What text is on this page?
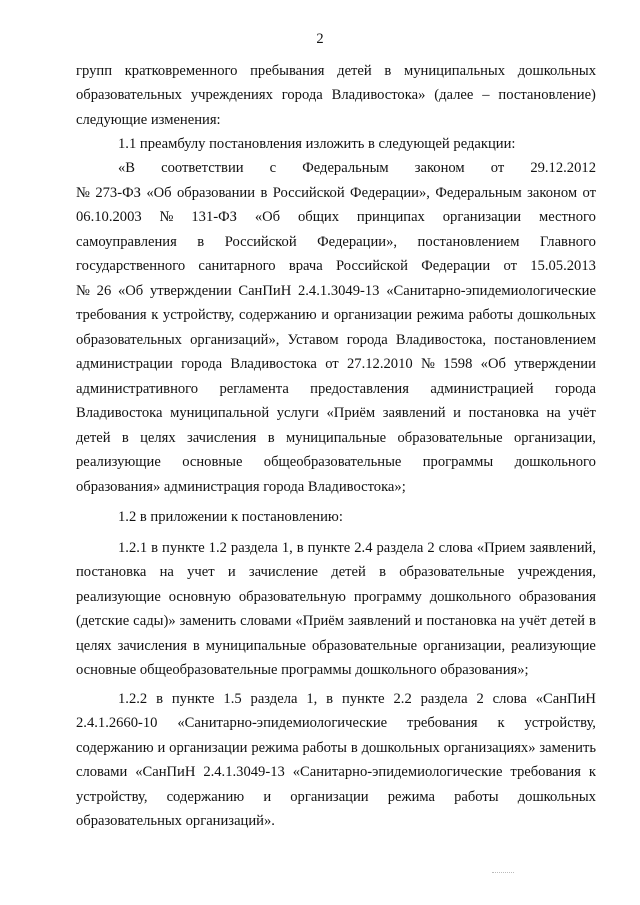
2
групп кратковременного пребывания детей в муниципальных дошкольных
образовательных учреждениях города Владивостока» (далее – постановление)
следующие изменения:
1.1 преамбулу постановления изложить в следующей редакции:
«В соответствии с Федеральным законом от 29.12.2012
№ 273-ФЗ «Об образовании в Российской Федерации», Федеральным законом от
06.10.2003 № 131-ФЗ «Об общих принципах организации местного
самоуправления в Российской Федерации», постановлением Главного
государственного санитарного врача Российской Федерации от 15.05.2013
№ 26 «Об утверждении СанПиН 2.4.1.3049-13 «Санитарно-эпидемиологические
требования к устройству, содержанию и организации режима работы дошкольных
образовательных организаций», Уставом города Владивостока, постановлением
администрации города Владивостока от 27.12.2010 № 1598 «Об утверждении
административного регламента предоставления администрацией города
Владивостока муниципальной услуги «Приём заявлений и постановка на учёт
детей в целях зачисления в муниципальные образовательные организации,
реализующие основные общеобразовательные программы дошкольного
образования» администрация города Владивостока»;
1.2 в приложении к постановлению:
1.2.1 в пункте 1.2 раздела 1, в пункте 2.4 раздела 2 слова «Прием заявлений,
постановка на учет и зачисление детей в образовательные учреждения,
реализующие основную образовательную программу дошкольного образования
(детские сады)» заменить словами «Приём заявлений и постановка на учёт детей в
целях зачисления в муниципальные образовательные организации, реализующие
основные общеобразовательные программы дошкольного образования»;
1.2.2 в пункте 1.5 раздела 1, в пункте 2.2 раздела 2 слова «СанПиН
2.4.1.2660-10 «Санитарно-эпидемиологические требования к устройству,
содержанию и организации режима работы в дошкольных организациях» заменить
словами «СанПиН 2.4.1.3049-13 «Санитарно-эпидемиологические требования к
устройству, содержанию и организации режима работы дошкольных
образовательных организаций».
